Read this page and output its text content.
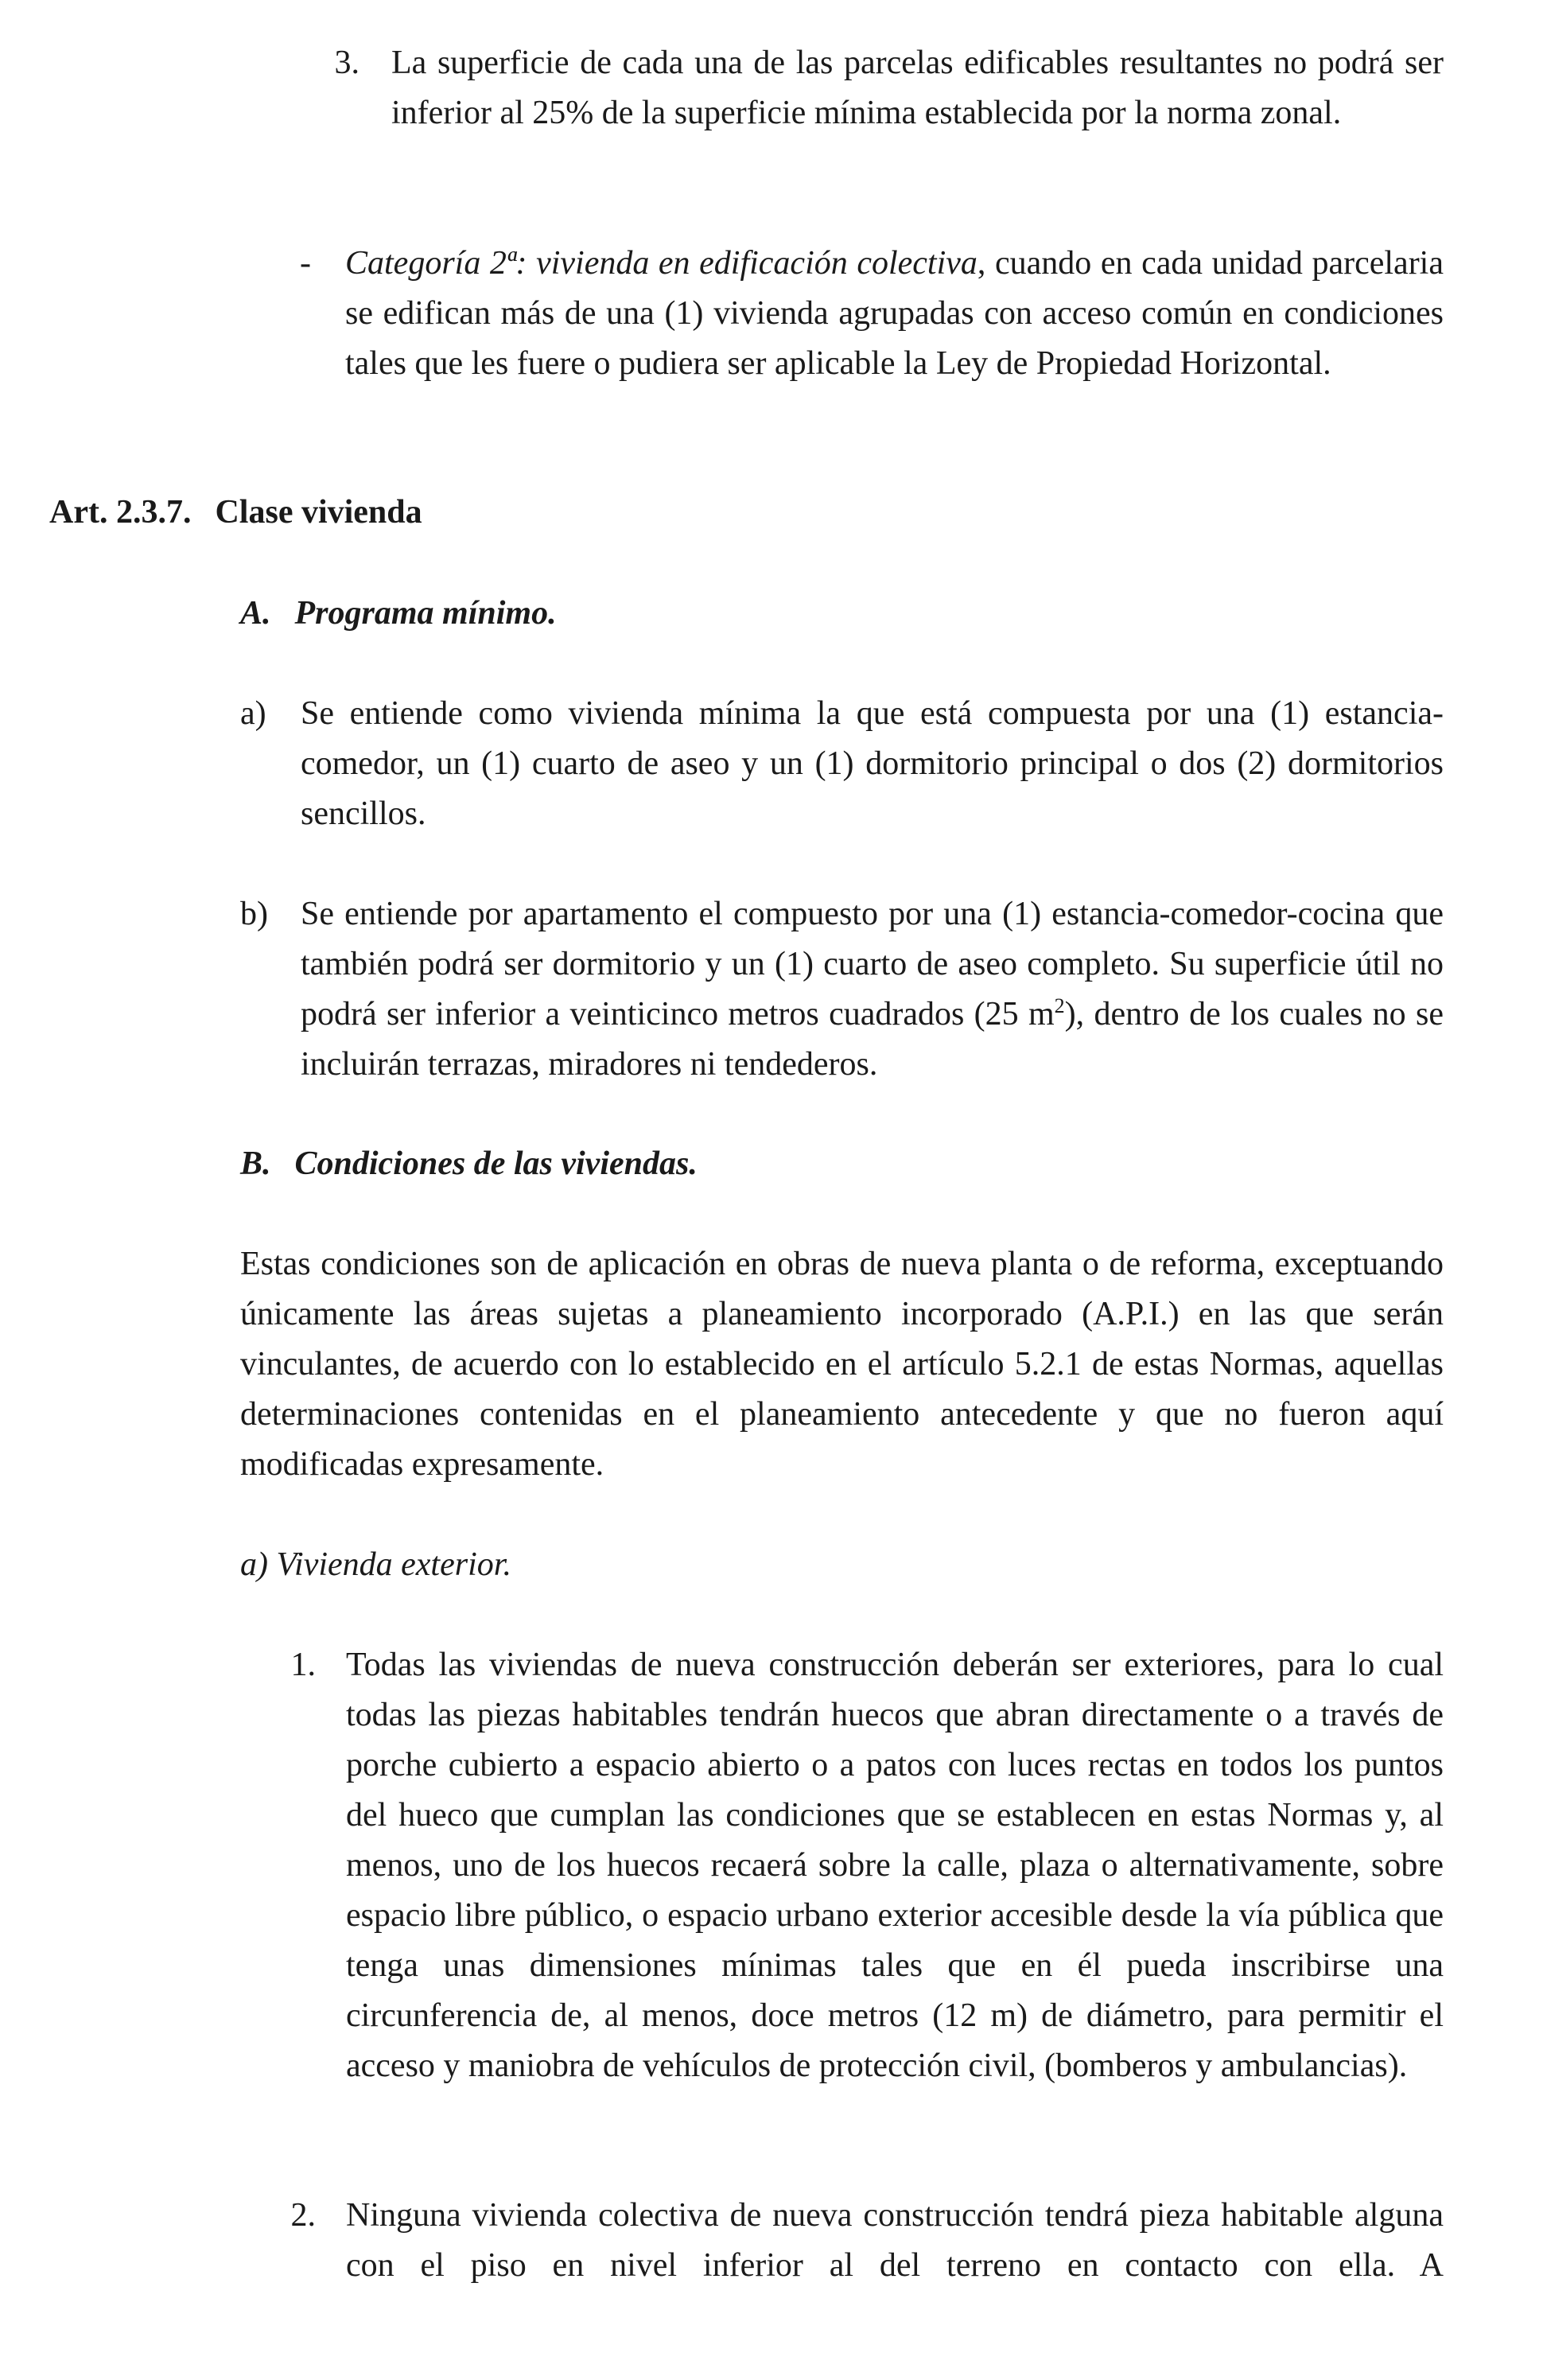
3. La superficie de cada una de las parcelas edificables resultantes no podrá ser inferior al 25% de la superficie mínima establecida por la norma zonal.
- Categoría 2ª: vivienda en edificación colectiva, cuando en cada unidad parcelaria se edifican más de una (1) vivienda agrupadas con acceso común en condiciones tales que les fuere o pudiera ser aplicable la Ley de Propiedad Horizontal.
Art. 2.3.7. Clase vivienda
A. Programa mínimo.
a) Se entiende como vivienda mínima la que está compuesta por una (1) estancia-comedor, un (1) cuarto de aseo y un (1) dormitorio principal o dos (2) dormitorios sencillos.
b) Se entiende por apartamento el compuesto por una (1) estancia-comedor-cocina que también podrá ser dormitorio y un (1) cuarto de aseo completo. Su superficie útil no podrá ser inferior a veinticinco metros cuadrados (25 $m^2$), dentro de los cuales no se incluirán terrazas, miradores ni tendederos.
B. Condiciones de las viviendas.

Estas condiciones son de aplicación en obras de nueva planta o de reforma, exceptuando únicamente las áreas sujetas a planeamiento incorporado (A.P.I.) en las que serán vinculantes, de acuerdo con lo establecido en el artículo 5.2.1 de estas Normas, aquellas determinaciones contenidas en el planeamiento antecedente y que no fueron aquí modificadas expresamente.

a) Vivienda exterior.
1. Todas las viviendas de nueva construcción deberán ser exteriores, para lo cual todas las piezas habitables tendrán huecos que abran directamente o a través de porche cubierto a espacio abierto o a patos con luces rectas en todos los puntos del hueco que cumplan las condiciones que se establecen en estas Normas y, al menos, uno de los huecos recaerá sobre la calle, plaza o alternativamente, sobre espacio libre público, o espacio urbano exterior accesible desde la vía pública que tenga unas dimensiones mínimas tales que en él pueda inscribirse una circunferencia de, al menos, doce metros (12 m) de diámetro, para permitir el acceso y maniobra de vehículos de protección civil, (bomberos y ambulancias).
2. Ninguna vivienda colectiva de nueva construcción tendrá pieza habitable alguna con el piso en nivel inferior al del terreno en contacto con ella. A
